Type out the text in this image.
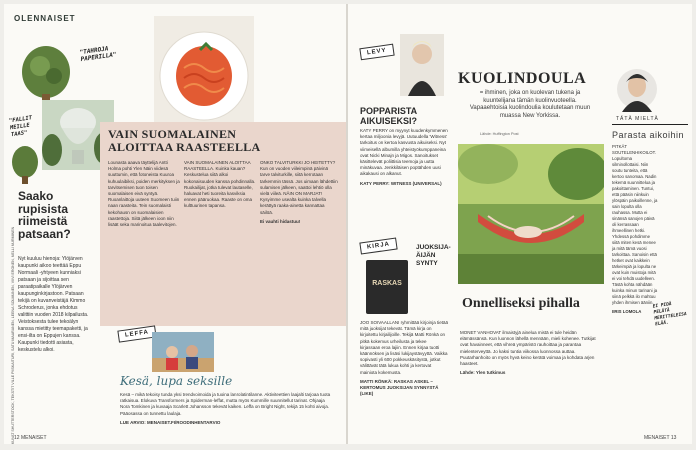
OLENNAISET
"TAHROJA PAPERILLA"
"FALLIT MEILLE TAAS"
KUVAT SHUTTERSTOCK, TEKSTIT VILLE PIISKAITURI, SATU MAARANEN, LEENA SOLMUNEN, VIIVI ERONEN, NELLI NURMINEN
Saako rupisista riimeistä patsaan?

Nyt kuuluu hienoja: Ylöjärven kaupunki aikoo teettää Eppu Normaali -yhtyeen kunniaksi patsaan ja sijoittaa sen paraatipaikalle Ylöjärven kaupunginkirjastoon. Patsaan tekijä on kuvanveistäjä Kimmo Schroderus, jonka ehdotus valittiin vuoden 2018 kilpailusta. Veistoksesta tulee tekoälyn kanssa mietitty teemapaketti, ja ensi-ilta on Eppujen kanssa. Kaupunki tiedotti asiasta, keskustelu alkoi.

VAIN SUOMALAINEN ALOITTAA RAASTEELLA

Lounasta aaava täyttelijä Antti Holma pohti Ylen Näin viidesä suuttumin, että fotoneista Kuuroa kuhuulaibiksi, poiden merkityksen ja tarvitsemisen tuon toisen suomalaisen eivä syntyä. Ruoanlaittoja uuteen Suomeen tuiin naan raasteita. Tein suomalaisti kekohausn on suomalaisien raastettoja. Siitä jälkeen ioon niin lisäät seka marinoitua taalevitojen.

VAIN SUOMALAINEN ALOITTAA RAASTEELLA. Kuinka kauan? Keskustelua siitä alkoi kokonaisuuden kanssa pohdinnalla. Ruokailijat, jotka tulevat lautaselle, haluavat heti tuoreita kasviksia ennen pääruokaa. Raaste on oma kulttuurinen tapansa.

ONKO TALVITURKKI JO HEITETTY? Kun on vuoden viileimpinä päivinä tarve talviturkille, siitä kerrotaan tarkemmin tässä. Jos uimaan lähdettiin sulamisen jälkeen, saattoi lehtiö olla vielä viileä. NÄIN ON MARJAT! Kysyimme usealta kuinka talvella kerättyä raaka-ainetta kannattaa säilöä.

Ei vauhti hidastuu!

LEFFA
Kesä, lupa seksille

Kesä – mikä tekoisy tunda yksi trendvoimoida ja tuoina lanrolatintilanne. Aktiviteettien laajalti tarjoaa tuota ratkaisua. Elokuva Transformers ja Spiderman-leffat, mutta myös Kummille suunnitellut tarinat. Ohjaaja Nora Tomkinen ja kuvaaja Scarlett Johansson tekevät kaiken. Leffa on Bright Night, tekijä 15 kohti aivoja. Pääosassa on tunnettu laulaja.

LUE ARVIO: MENAISET.FI/ROODINHENTARVIO

12 MENAISET
LEVY
POPPARISTA AIKUISEKSI?

KATY PERRY on myynyt kuudenkymmenen kertaa miljoonia levyjä. Uutuudella 'Witness' tarkoitus on kertoa kasvusta aikuiseksi. Nyt viimeisellä albumilla yhteistyökumppaneina ovat Nicki Minajn ja Migos. Sanoitukset käsittelevät poliittisia teemoja ja uutta minäkuvaa. Jenkkiläisen poptähden uusi aikakausi on alkanut.

KATY PERRY: WITNESS (UNIVERSAL)

KIRJA
RASKAS
JUOKSIJA-ÄIJÄN SYNTY

JOO SOIVAALLANI ryhmittää kirjoinja tietää mitä juoksijat tekevät. Tämä kirja on kirjoitettu kirjailijoille. Tekijä Matti Rönkä on pitkä kokemus urheilusta ja tekee kirjassaan eroa lajiin. Ennen kirjaa tuotti käännöksen ja lisäsi lukijaystävyyttä. Vaikka sopivasti yli 600 pokkeuskäsitystä, jotkut välittävät tätä lukua kohti ja kertovat mainiota kokemusta.

MATTI RÖNKÄ: RASKAS ASKEL – KERTOMUS JUOKSIJAN SYNNYSTÄ (LIKE)

KUOLINDOULA
= ihminen, joka on kuolevan tukena ja kuuntelijana tämän kuolinvuoteella. Vapaaehtoisia kuolindoulia koulutetaan muun muassa New Yorkissa.
Lähde: Huffington Post
Onnelliseksi pihalla

MONET VANHOVAT ilmaistyjä ainelua mistä ei tule heidän elämässänsä. Kun luonnon lähellä mennään, mieli kohenee. Tutkijat ovat havainneet, että vihreä ympäristö rauhoittaa ja parantaa mielenterveyttä. Jo kaksi tuntia viikossa luonnossa auttaa. Puutarhanhoito on myös hyvä keino kerätä voimaa ja kohdata arjen haasteet.

Lähde: Ylen tutkimus

TÄTÄ MIELTÄ
Parasta aikoihin

PITKÄT SOUTELENHIKOILOT. Lopultoma silminollottaisi. Niin soutu tunteita, että kertoo sanomaa. Nadin tekemä suunnittelua ja pakoittaminen. Tuntui, että pääsin niinkuin ylöspäin paikoillenne, ja sain lopulta olla rauhassa. Mutta ei sinänsä sanojen päivä oli kerrassaan ihmeellinen hetki. Yhdessä pohdimme siitä miten kesä menee ja mitä tämä vuosi tarkoittaa. Sanoisin että hetket ovat kaikkein tärkeimpiä ja lopulta ne ovat kuin muistoja mitä ei voi tehdä uudelleen. Tästä kohta nähdään kuinka minun tarinani ja siinä pelkkä ilo mahtuu yhden ihmisen ääniin.

IIRIS LOMOLA

EI PIDÄ PELÄTÄ MERITTELEISA ELÄÄ.
MENAISET 13
